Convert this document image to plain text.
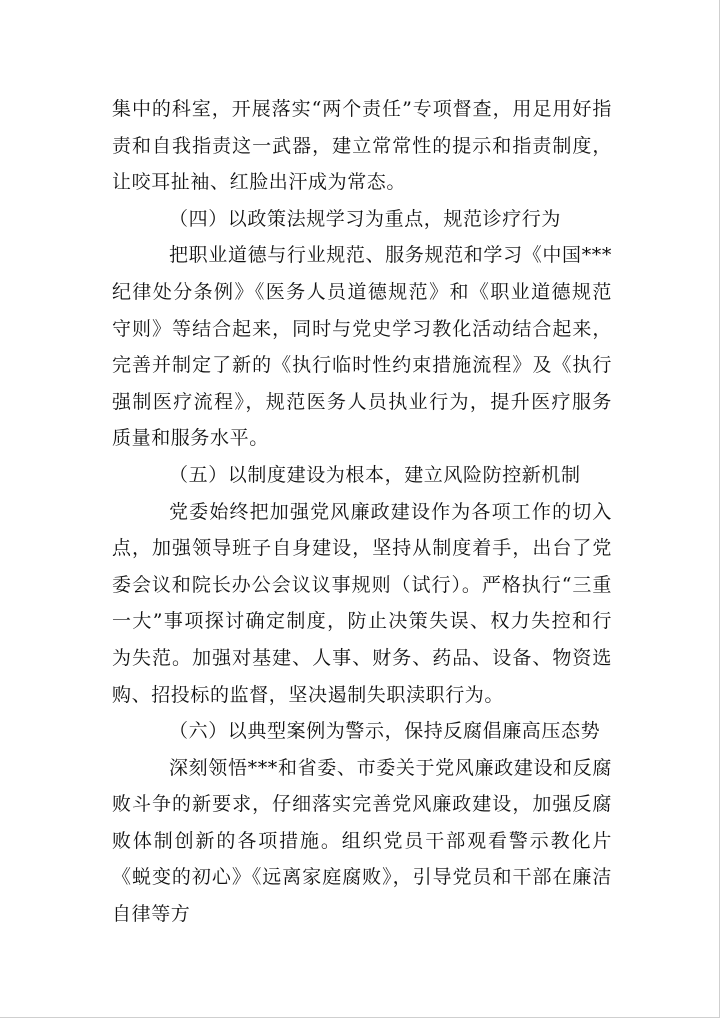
集中的科室，开展落实“两个责任”专项督查，用足用好指责和自我指责这一武器，建立常常性的提示和指责制度，让咬耳扯袖、红脸出汗成为常态。

（四）以政策法规学习为重点，规范诊疗行为

把职业道德与行业规范、服务规范和学习《中国***纪律处分条例》《医务人员道德规范》和《职业道德规范守则》等结合起来，同时与党史学习教化活动结合起来，完善并制定了新的《执行临时性约束措施流程》及《执行强制医疗流程》，规范医务人员执业行为，提升医疗服务质量和服务水平。

（五）以制度建设为根本，建立风险防控新机制

党委始终把加强党风廉政建设作为各项工作的切入点，加强领导班子自身建设，坚持从制度着手，出台了党委会议和院长办公会议议事规则（试行）。严格执行“三重一大”事项探讨确定制度，防止决策失误、权力失控和行为失范。加强对基建、人事、财务、药品、设备、物资选购、招投标的监督，坚决遏制失职渎职行为。

（六）以典型案例为警示，保持反腐倡廉高压态势

深刻领悟***和省委、市委关于党风廉政建设和反腐败斗争的新要求，仔细落实完善党风廉政建设，加强反腐败体制创新的各项措施。组织党员干部观看警示教化片《蜕变的初心》《远离家庭腐败》，引导党员和干部在廉洁自律等方
